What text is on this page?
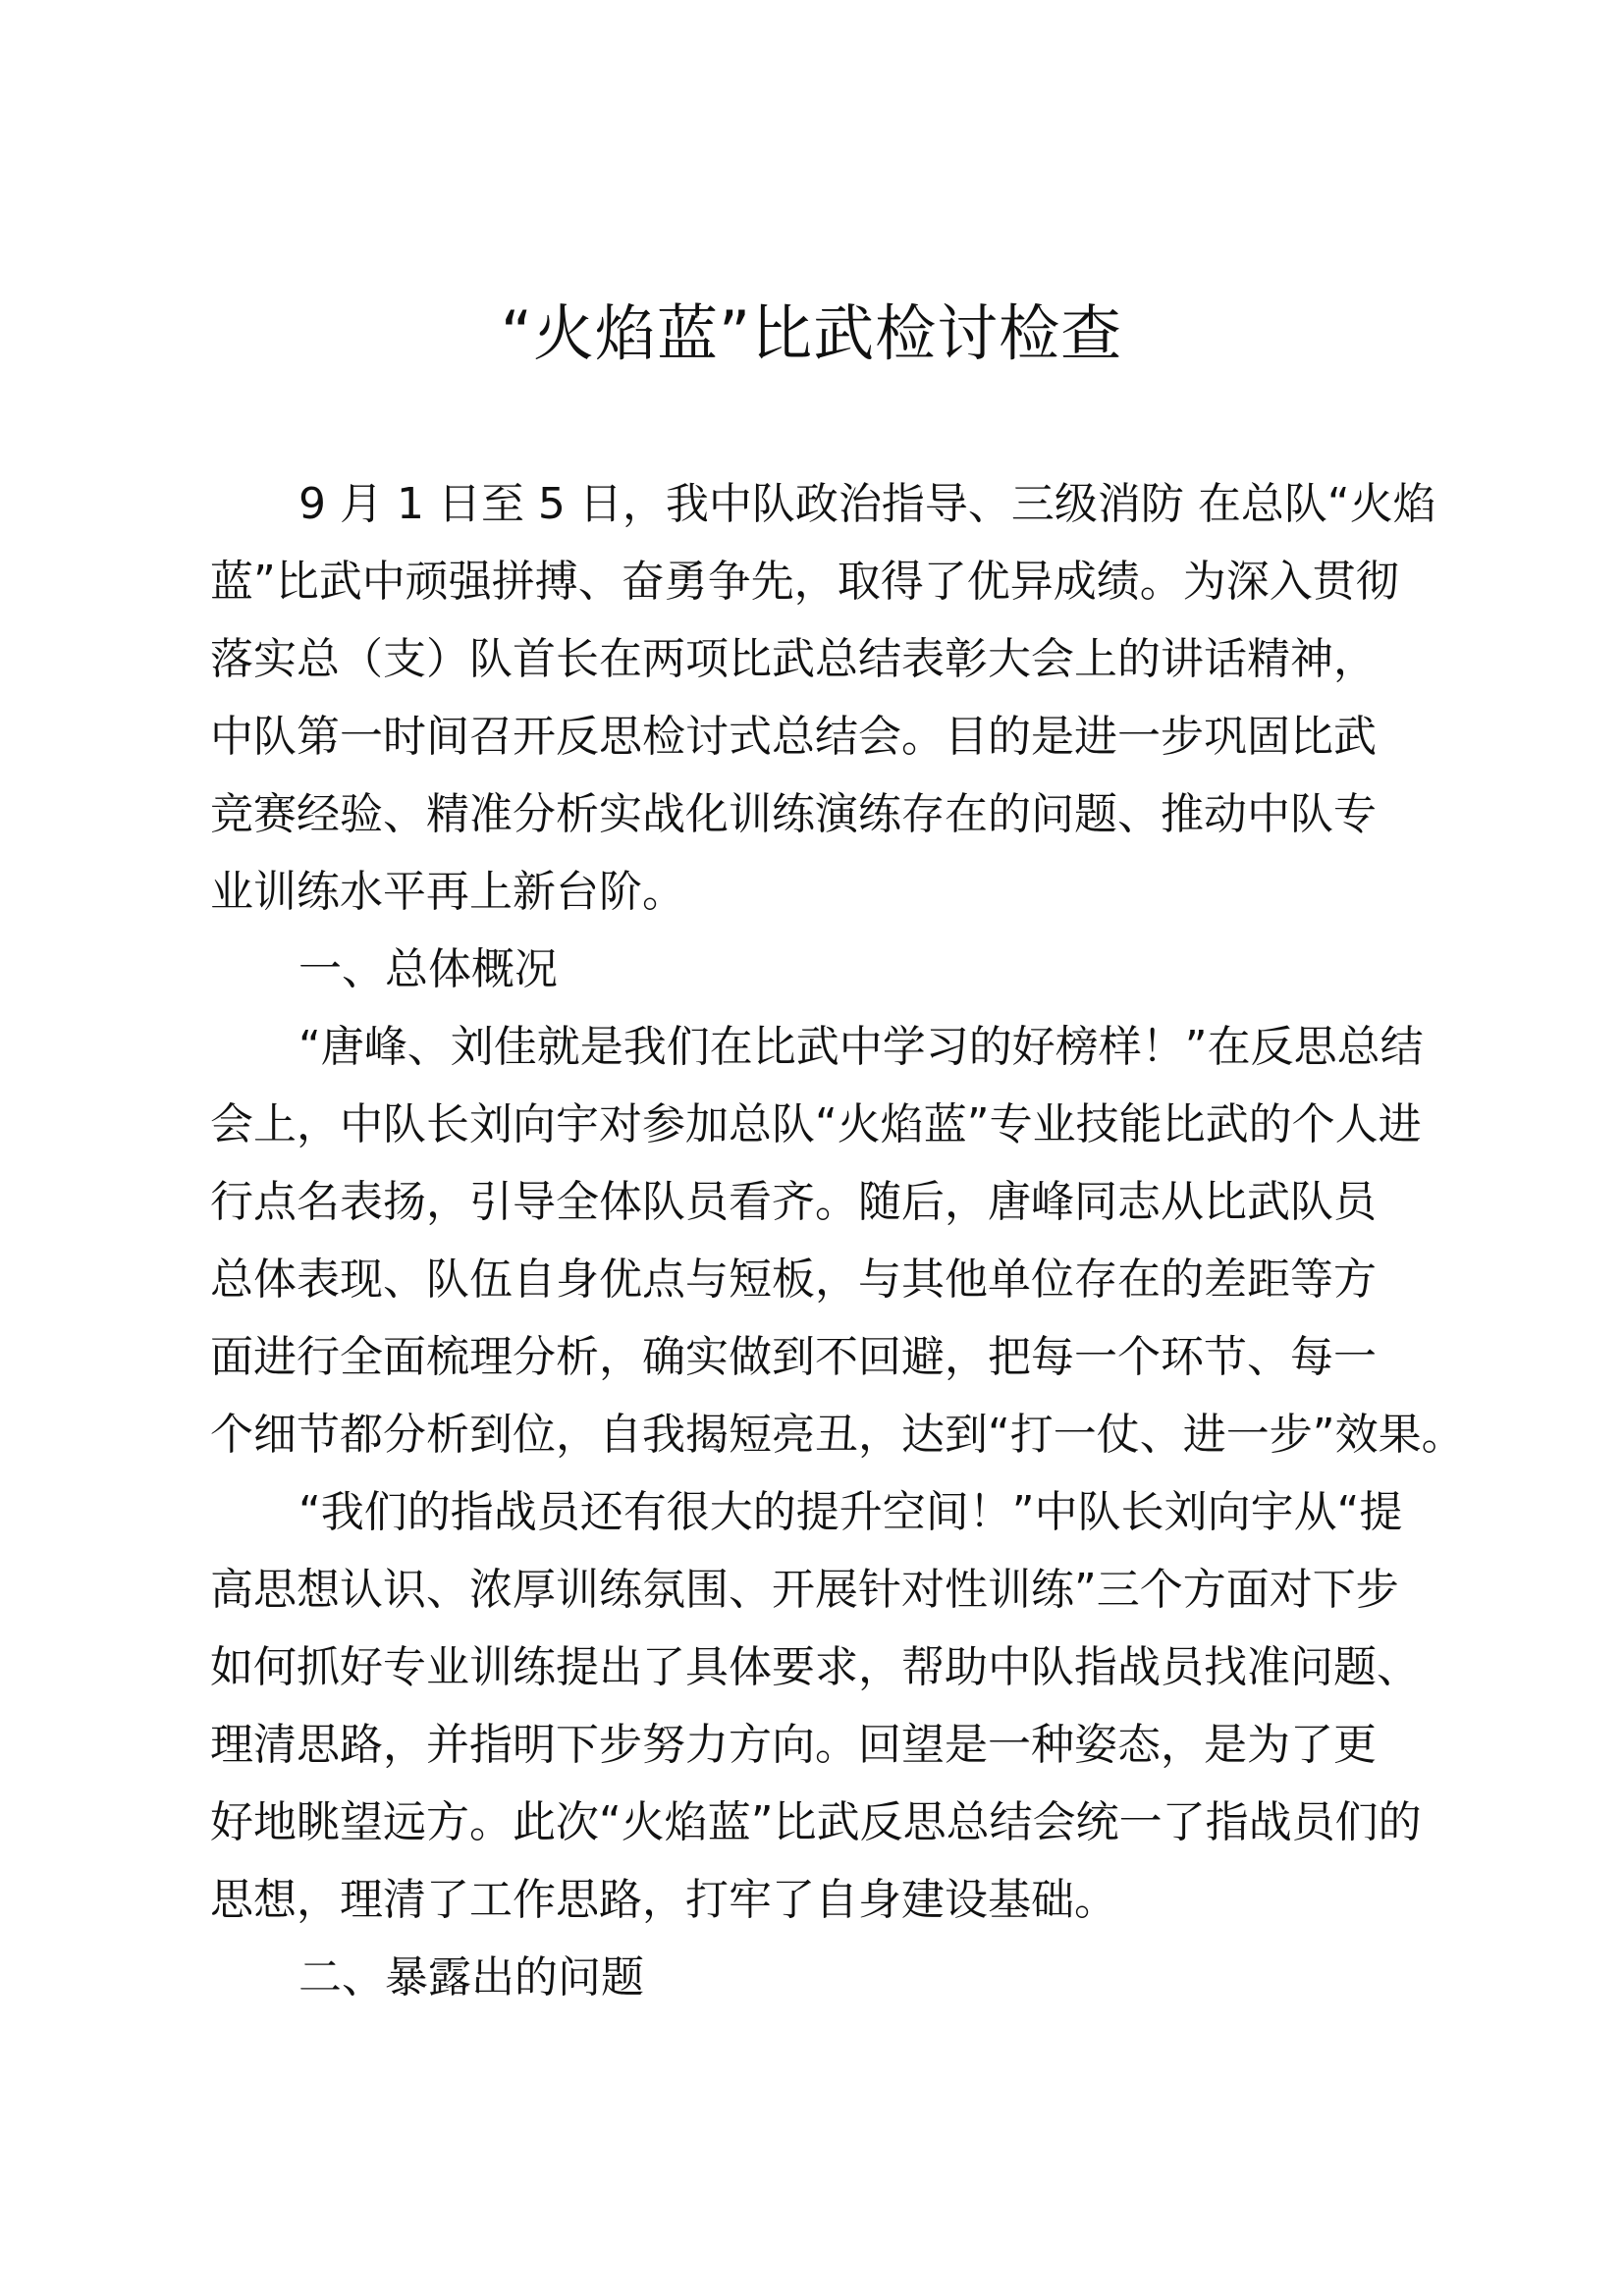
“火焰蓝”比武检讨检查
9 月 1 日至 5 日，我中队政治指导、三级消防 在总队“火焰
蓝”比武中顽强拼搏、奋勇争先，取得了优异成绩。为深入贯彻
落实总（支）队首长在两项比武总结表彰大会上的讲话精神，
中队第一时间召开反思检讨式总结会。目的是进一步巩固比武
竞赛经验、精准分析实战化训练演练存在的问题、推动中队专
业训练水平再上新台阶。
一、总体概况
“唐峰、刘佳就是我们在比武中学习的好榜样！”在反思总结
会上，中队长刘向宇对参加总队“火焰蓝”专业技能比武的个人进
行点名表扬，引导全体队员看齐。随后，唐峰同志从比武队员
总体表现、队伍自身优点与短板，与其他单位存在的差距等方
面进行全面梳理分析，确实做到不回避，把每一个环节、每一
个细节都分析到位，自我揭短亮丑，达到“打一仗、进一步”效果。
“我们的指战员还有很大的提升空间！”中队长刘向宇从“提
高思想认识、浓厚训练氛围、开展针对性训练”三个方面对下步
如何抓好专业训练提出了具体要求，帮助中队指战员找准问题、
理清思路，并指明下步努力方向。回望是一种姿态，是为了更
好地眺望远方。此次“火焰蓝”比武反思总结会统一了指战员们的
思想，理清了工作思路，打牢了自身建设基础。
二、暴露出的问题
